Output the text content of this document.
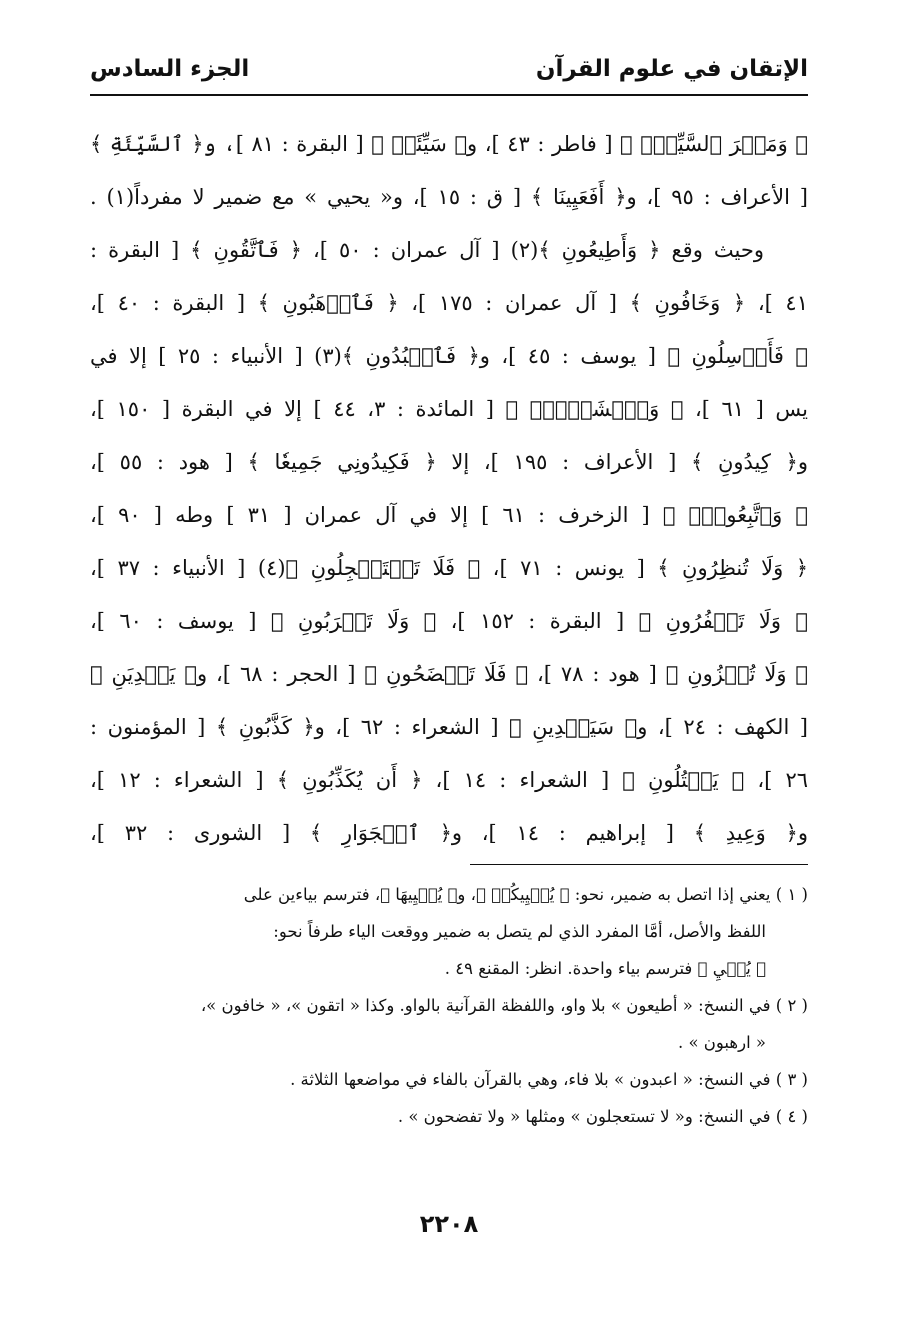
الإتقان في علوم القرآن
الجزء السادس
﴿ وَمَكۡرَ ٱلسَّيِّئِۚ ﴾ [ فاطر : ٤٣ ]، و﴿ سَيِّئَةٞ ﴾ [ البقرة : ٨١ ]، و﴿ ٱلسَّيِّئَةِ ﴾
[ الأعراف : ٩٥ ]، و﴿ أَفَعَيِينَا ﴾ [ ق : ١٥ ]، و« يحيي » مع ضمير لا مفرداً(١) .
وحيث وقع ﴿ وَأَطِيعُونِ ﴾(٢) [ آل عمران : ٥٠ ]، ﴿ فَٱتَّقُونِ ﴾ [ البقرة :
٤١ ]، ﴿ وَخَافُونِ ﴾ [ آل عمران : ١٧٥ ]، ﴿ فَٱرۡهَبُونِ ﴾ [ البقرة : ٤٠ ]،
﴿ فَأَرۡسِلُونِ ﴾ [ يوسف : ٤٥ ]، و﴿ فَٱعۡبُدُونِ ﴾(٣) [ الأنبياء : ٢٥ ] إلا في
يس [ ٦١ ]، ﴿ وَٱخۡشَوۡنِۚ ﴾ [ المائدة : ٣، ٤٤ ] إلا في البقرة [ ١٥٠ ]،
و﴿ كِيدُونِ ﴾ [ الأعراف : ١٩٥ ]، إلا ﴿ فَكِيدُونِي جَمِيعٗا ﴾ [ هود : ٥٥ ]،
﴿ وَٱتَّبِعُونِۚ ﴾ [ الزخرف : ٦١ ] إلا في آل عمران [ ٣١ ] وطه [ ٩٠ ]،
﴿ وَلَا تُنظِرُونِ ﴾ [ يونس : ٧١ ]، ﴿ فَلَا تَسۡتَعۡجِلُونِ ﴾(٤) [ الأنبياء : ٣٧ ]،
﴿ وَلَا تَكۡفُرُونِ ﴾ [ البقرة : ١٥٢ ]، ﴿ وَلَا تَقۡرَبُونِ ﴾ [ يوسف : ٦٠ ]،
﴿ وَلَا تُخۡزُونِ ﴾ [ هود : ٧٨ ]، ﴿ فَلَا تَفۡضَحُونِ ﴾ [ الحجر : ٦٨ ]، و﴿ يَهۡدِيَنِ ﴾
[ الكهف : ٢٤ ]، و﴿ سَيَهۡدِينِ ﴾ [ الشعراء : ٦٢ ]، و﴿ كَذَّبُونِ ﴾ [ المؤمنون :
٢٦ ]، ﴿ يَقۡتُلُونِ ﴾ [ الشعراء : ١٤ ]، ﴿ أَن يُكَذِّبُونِ ﴾ [ الشعراء : ١٢ ]،
و﴿ وَعِيدِ ﴾ [ إبراهيم : ١٤ ]، و﴿ ٱلۡجَوَارِ ﴾ [ الشورى : ٣٢ ]،
( ١ ) يعني إذا اتصل به ضمير، نحو: ﴿ يُحۡيِيكُمۡ ﴾، و﴿ يُحۡيِيهَا ﴾، فترسم بياءين على
اللفظ والأصل، أمَّا المفرد الذي لم يتصل به ضمير ووقعت الياء طرفاً نحو:
﴿ يُحۡيِ ﴾ فترسم بياء واحدة. انظر: المقنع ٤٩ .
( ٢ ) في النسخ: « أطيعون » بلا واو، واللفظة القرآنية بالواو. وكذا « اتقون »، « خافون »،
« ارهبون » .
( ٣ ) في النسخ: « اعبدون » بلا فاء، وهي بالقرآن بالفاء في مواضعها الثلاثة .
( ٤ ) في النسخ: و« لا تستعجلون » ومثلها « ولا تفضحون » .
٢٢٠٨
